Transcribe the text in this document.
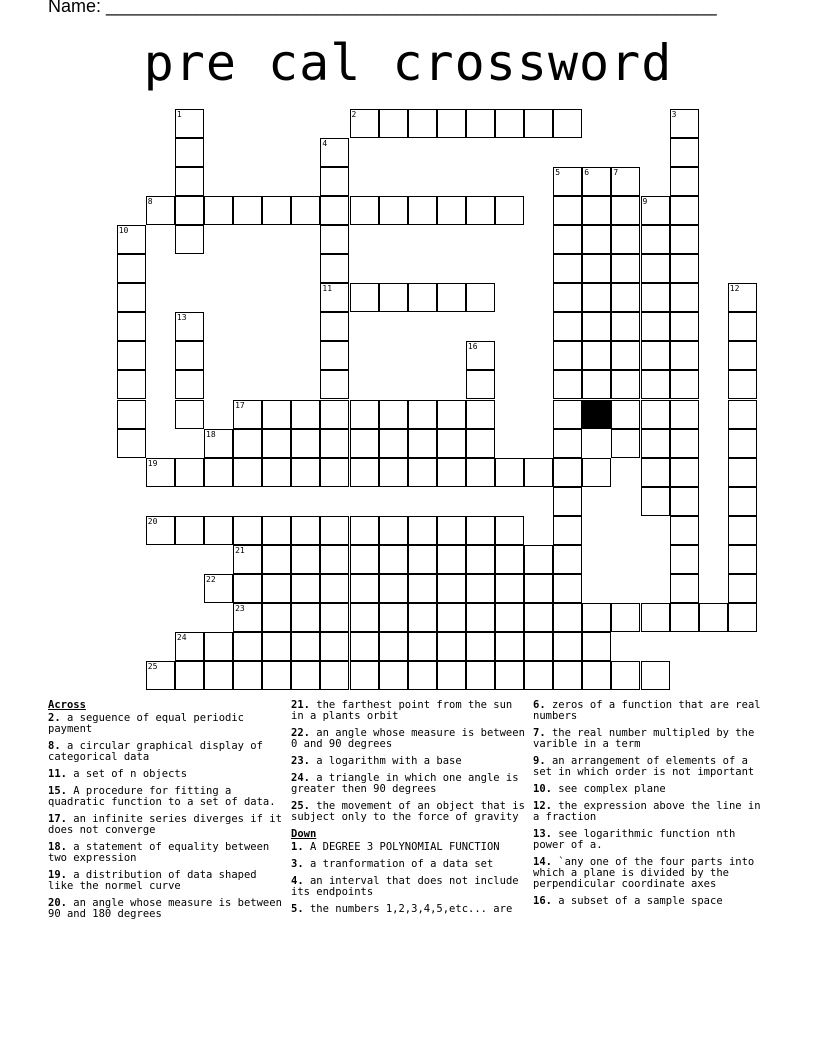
Name: _____________________________________________________________
pre cal crossword
1	2	3
4
5	6	7
9
8
10
11	12
13
16
17
18
19
20
21
22
23
24
25
Across
2. a seguence of equal periodic payment
8. a circular graphical display of categorical data
11. a set of n objects
15. A procedure for fitting a quadratic function to a set of data.
17. an infinite series diverges if it does not converge
18. a statement of equality between two expression
19. a distribution of data shaped like the normel curve
20. an angle whose measure is between 90 and 180 degrees
21. the farthest point from the sun in a plants orbit
22. an angle whose measure is between 0 and 90 degrees
23. a logarithm with a base
24. a triangle in which one angle is greater then 90 degrees
25. the movement of an object that is subject only to the force of gravity
Down
1. A DEGREE 3 POLYNOMIAL FUNCTION
3. a tranformation of a data set
4. an interval that does not include its endpoints
5. the numbers 1,2,3,4,5,etc... are
6. zeros of a function that are real numbers
7. the real number multipled by the varible in a term
9. an arrangement of elements of a set in which order is not important
10. see complex plane
12. the expression above the line in a fraction
13. see logarithmic function nth power of a.
14. `any one of the four parts into which a plane is divided by the perpendicular coordinate axes
16. a subset of a sample space
